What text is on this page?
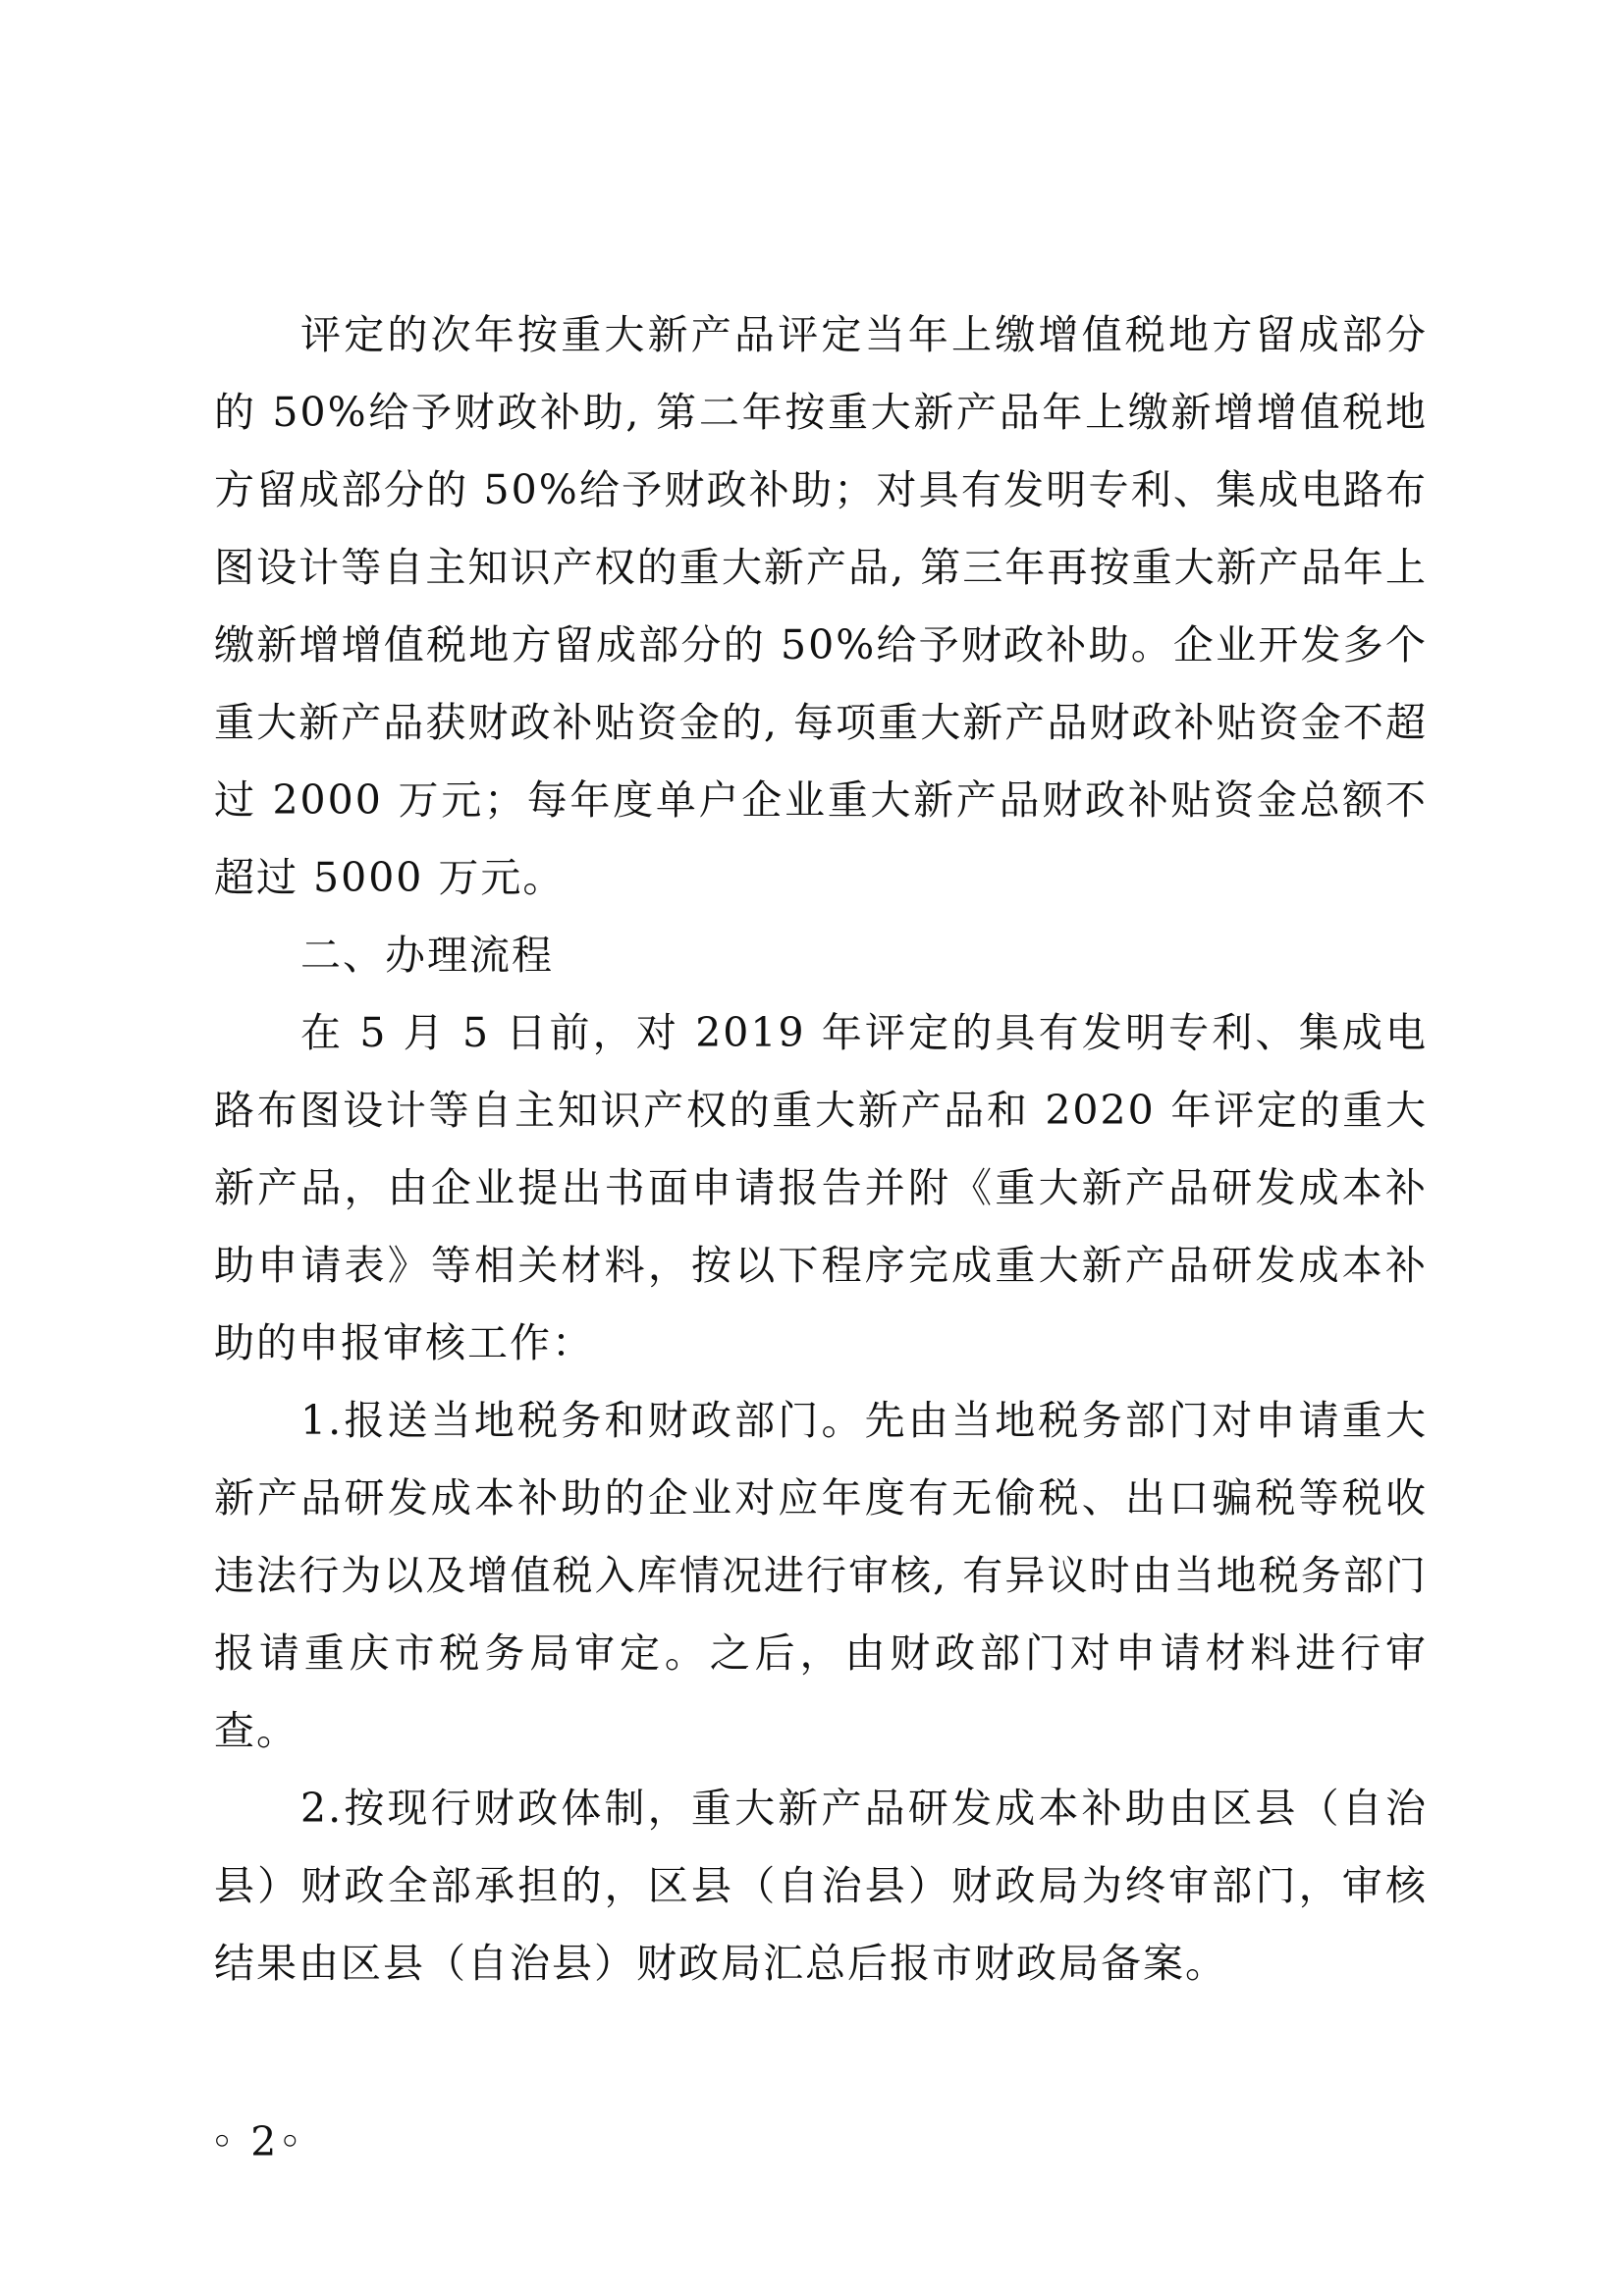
评定的次年按重大新产品评定当年上缴增值税地方留成部分的 50%给予财政补助, 第二年按重大新产品年上缴新增增值税地方留成部分的 50%给予财政补助；对具有发明专利、集成电路布图设计等自主知识产权的重大新产品, 第三年再按重大新产品年上缴新增增值税地方留成部分的 50%给予财政补助。企业开发多个重大新产品获财政补贴资金的, 每项重大新产品财政补贴资金不超过 2000 万元；每年度单户企业重大新产品财政补贴资金总额不超过 5000 万元。

二、办理流程

在 5 月 5 日前，对 2019 年评定的具有发明专利、集成电路布图设计等自主知识产权的重大新产品和 2020 年评定的重大新产品，由企业提出书面申请报告并附《重大新产品研发成本补助申请表》等相关材料，按以下程序完成重大新产品研发成本补助的申报审核工作：

1.报送当地税务和财政部门。先由当地税务部门对申请重大新产品研发成本补助的企业对应年度有无偷税、出口骗税等税收违法行为以及增值税入库情况进行审核, 有异议时由当地税务部门报请重庆市税务局审定。之后，由财政部门对申请材料进行审查。

2.按现行财政体制，重大新产品研发成本补助由区县（自治县）财政全部承担的，区县（自治县）财政局为终审部门，审核结果由区县（自治县）财政局汇总后报市财政局备案。

◦ 2◦
